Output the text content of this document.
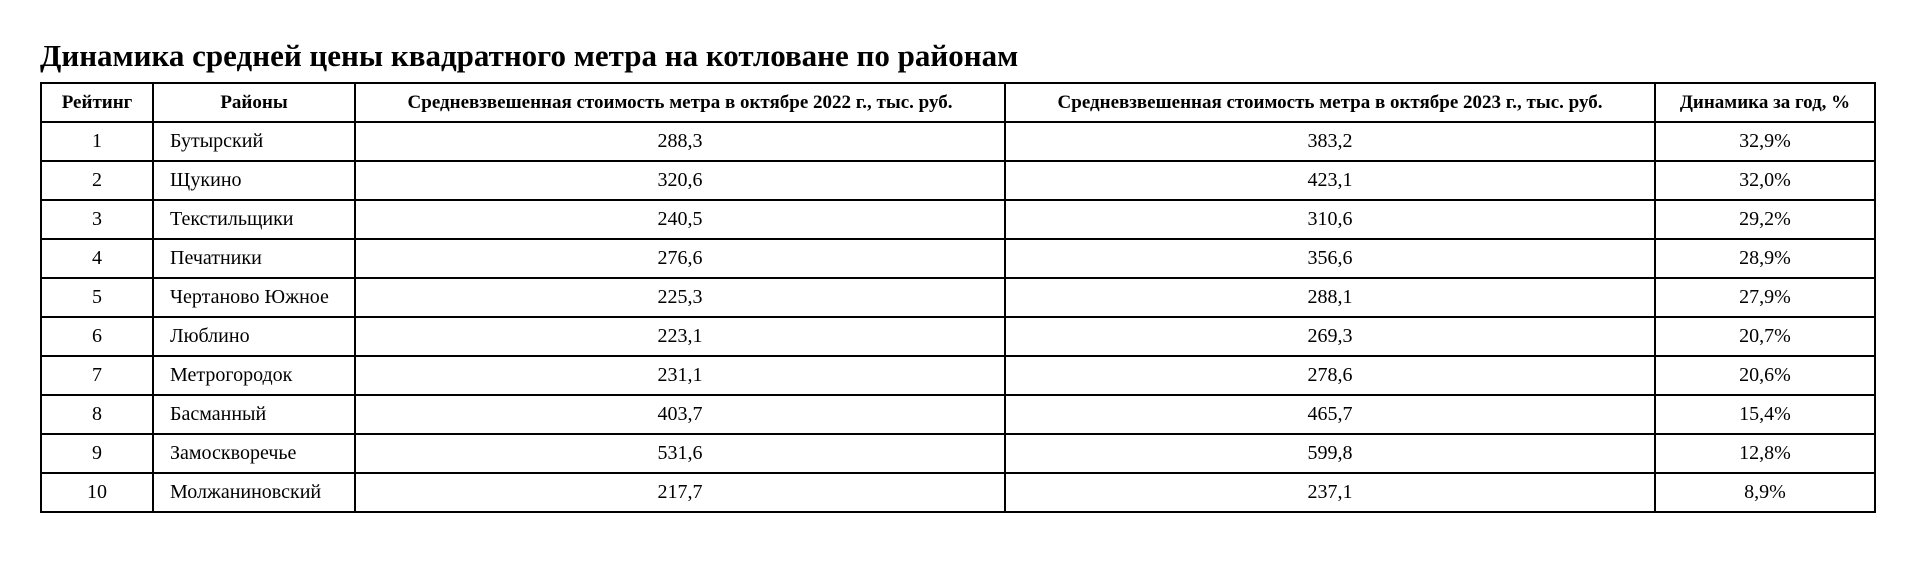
Динамика средней цены квадратного метра на котловане по районам
Рейтинг	Районы	Средневзвешенная стоимость метра в октябре 2022 г., тыс. руб.	Средневзвешенная стоимость метра в октябре 2023 г., тыс. руб.	Динамика за год, %
1	Бутырский	288,3	383,2	32,9%
2	Щукино	320,6	423,1	32,0%
3	Текстильщики	240,5	310,6	29,2%
4	Печатники	276,6	356,6	28,9%
5	Чертаново Южное	225,3	288,1	27,9%
6	Люблино	223,1	269,3	20,7%
7	Метрогородок	231,1	278,6	20,6%
8	Басманный	403,7	465,7	15,4%
9	Замоскворечье	531,6	599,8	12,8%
10	Молжаниновский	217,7	237,1	8,9%
